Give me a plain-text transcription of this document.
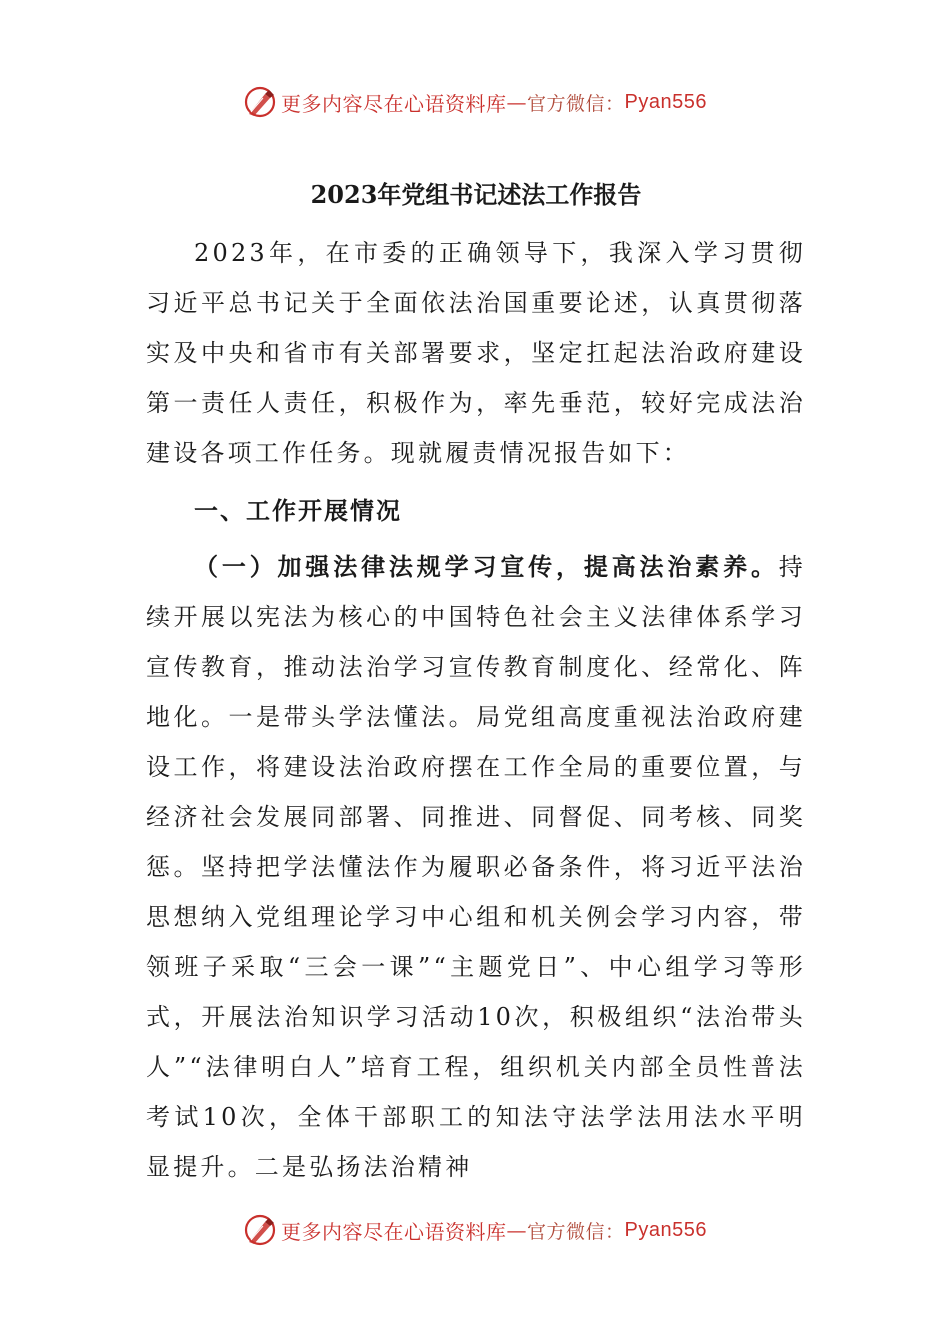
更多内容尽在心语资料库 — 官方微信： Pyan556
2023年党组书记述法工作报告

2023年，在市委的正确领导下，我深入学习贯彻习近平总书记关于全面依法治国重要论述，认真贯彻落实及中央和省市有关部署要求，坚定扛起法治政府建设第一责任人责任，积极作为，率先垂范，较好完成法治建设各项工作任务。现就履责情况报告如下：

一、工作开展情况

（一）加强法律法规学习宣传，提高法治素养。持续开展以宪法为核心的中国特色社会主义法律体系学习宣传教育，推动法治学习宣传教育制度化、经常化、阵地化。一是带头学法懂法。局党组高度重视法治政府建设工作，将建设法治政府摆在工作全局的重要位置，与经济社会发展同部署、同推进、同督促、同考核、同奖惩。坚持把学法懂法作为履职必备条件，将习近平法治思想纳入党组理论学习中心组和机关例会学习内容，带领班子采取“三会一课”“主题党日”、中心组学习等形式，开展法治知识学习活动10次，积极组织“法治带头人”“法律明白人”培育工程，组织机关内部全员性普法考试10次，全体干部职工的知法守法学法用法水平明显提升。二是弘扬法治精神

更多内容尽在心语资料库 — 官方微信： Pyan556
